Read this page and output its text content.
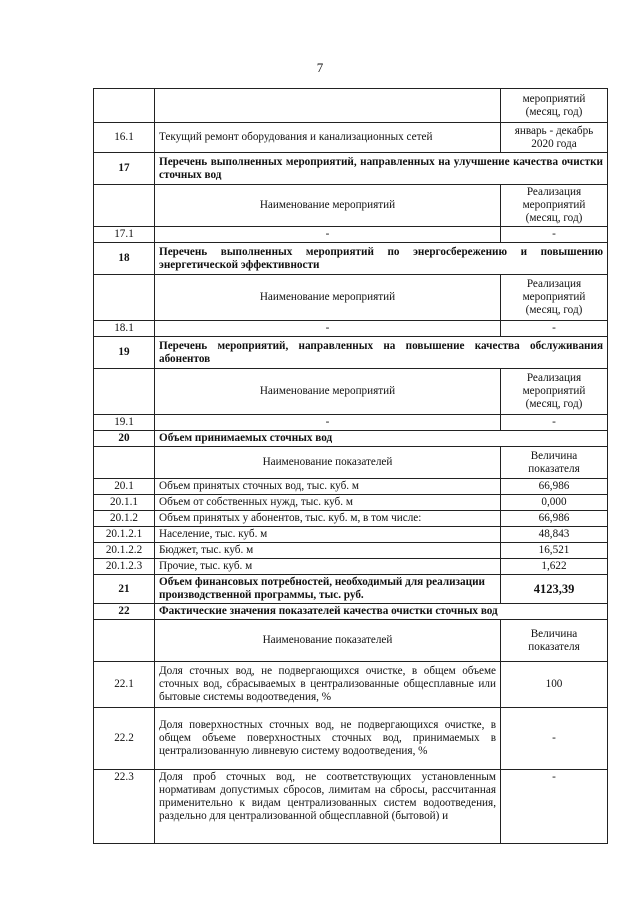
7
		мероприятий (месяц, год)
16.1	Текущий ремонт оборудования и канализационных сетей	январь - декабрь 2020 года
17	Перечень выполненных мероприятий, направленных на улучшение качества очистки сточных вод	
	Наименование мероприятий	Реализация мероприятий (месяц, год)
17.1	-	-
18	Перечень выполненных мероприятий по энергосбережению и повышению энергетической эффективности	
	Наименование мероприятий	Реализация мероприятий (месяц, год)
18.1	-	-
19	Перечень мероприятий, направленных на повышение качества обслуживания абонентов	
	Наименование мероприятий	Реализация мероприятий (месяц, год)
19.1	-	-
20	Объем принимаемых сточных вод	
	Наименование показателей	Величина показателя
20.1	Объем принятых сточных вод, тыс. куб. м	66,986
20.1.1	Объем от собственных нужд, тыс. куб. м	0,000
20.1.2	Объем принятых у абонентов, тыс. куб. м, в том числе:	66,986
20.1.2.1	Население, тыс. куб. м	48,843
20.1.2.2	Бюджет, тыс. куб. м	16,521
20.1.2.3	Прочие, тыс. куб. м	1,622
21	Объем финансовых потребностей, необходимый для реализации производственной программы, тыс. руб.	4123,39
22	Фактические значения показателей качества очистки сточных вод	
	Наименование показателей	Величина показателя
22.1	Доля сточных вод, не подвергающихся очистке, в общем объеме сточных вод, сбрасываемых в централизованные общесплавные или бытовые системы водоотведения, %	100
22.2	Доля поверхностных сточных вод, не подвергающихся очистке, в общем объеме поверхностных сточных вод, принимаемых в централизованную ливневую систему водоотведения, %	-
22.3	Доля проб сточных вод, не соответствующих установленным нормативам допустимых сбросов, лимитам на сбросы, рассчитанная применительно к видам централизованных систем водоотведения, раздельно для централизованной общесплавной (бытовой) и	-
